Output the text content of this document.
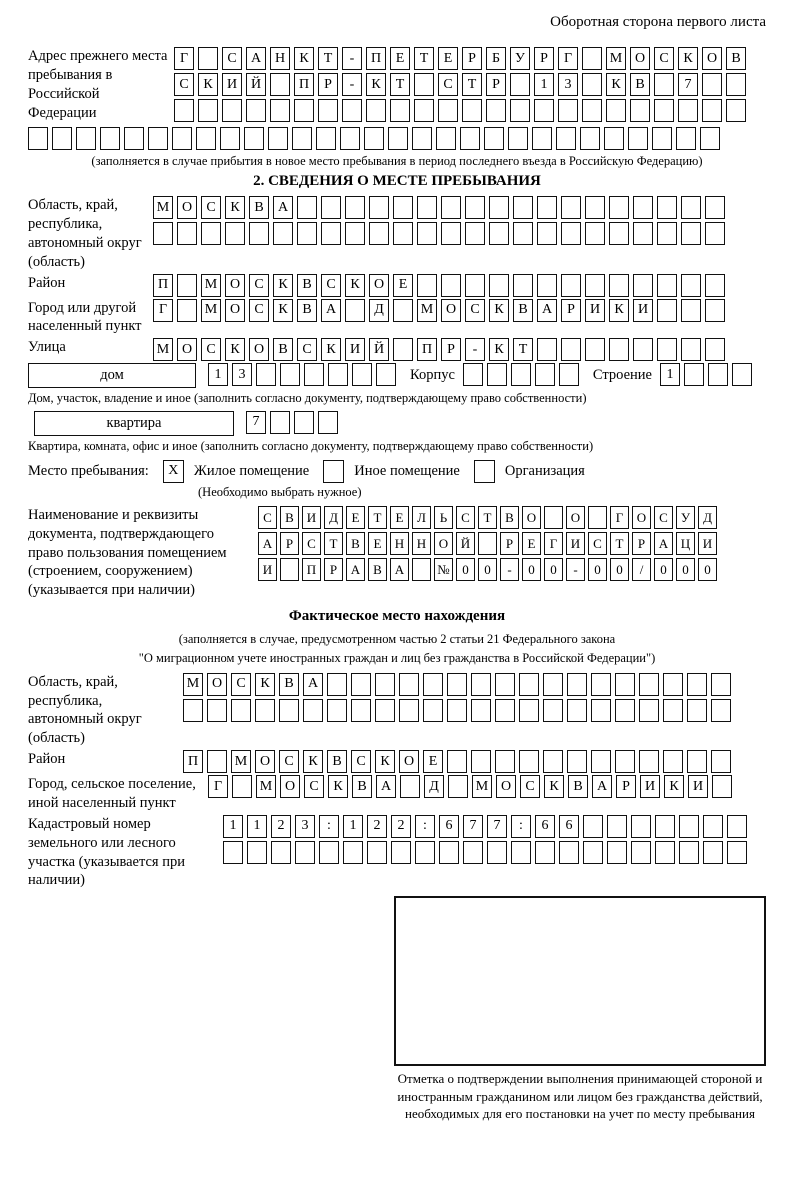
Оборотная сторона первого листа
Адрес прежнего места пребывания в Российской Федерации
Г	С	А Н	К	Т	-	П	Е	Т	Е	Р	Б	У	Р	Г	М О	С	К	О	В
С	К	И Й	П	Р	-	К	Т	С	Т	Р	1	3	К	В	7
(заполняется в случае прибытия в новое место пребывания в период последнего въезда в Российскую Федерацию)
2. СВЕДЕНИЯ О МЕСТЕ ПРЕБЫВАНИЯ
Область, край, республика, автономный округ (область)
М О	С	К	В	А
Район	П	М О	С	К	В	С	К	О	Е
Город или другой населенный пункт
Г	М О	С	К	В	А	Д	М О	С	К	В	А	Р	И	К	И
Улица	М О	С	К	О	В	С	К	И Й	П	Р	-	К	Т
дом	1	3	Корпус	Строение	1
Дом, участок, владение и иное (заполнить согласно документу, подтверждающему право собственности)
квартира	7
Квартира, комната, офис и иное (заполнить согласно документу, подтверждающему право собственности)
Место пребывания:	X	Жилое помещение	Иное помещение	Организация
(Необходимо выбрать нужное)
Наименование и реквизиты документа, подтверждающего право пользования помещением (строением, сооружением) (указывается при наличии)
С	В И Д	Е	Т	Е	Л	Ь	С	Т	В О	О	Г	О С	У Д
А	Р	С	Т	В	Е	Н Н О Й	Р	Е	Г	И С	Т	Р	А Ц И
И	П	Р	А В А	№ 0	0	-	0	0	-	0	0	/	0	0	0
Фактическое место нахождения
(заполняется в случае, предусмотренном частью 2 статьи 21 Федерального закона
"О миграционном учете иностранных граждан и лиц без гражданства в Российской Федерации")
Область, край, республика, автономный округ (область)
М О	С	К	В	А
Район	П	М О	С	К	В	С	К	О	Е
Город, сельское поселение, иной населенный пункт
Г	М О	С	К	В	А	Д	М О	С	К	В	А	Р	И	К	И
Кадастровый номер земельного или лесного участка (указывается при наличии)
1	1	2	3	:	1	2	2	:	6	7	7	:	6	6
Отметка о подтверждении выполнения принимающей стороной и иностранным гражданином или лицом без гражданства действий, необходимых для его постановки на учет по месту пребывания
